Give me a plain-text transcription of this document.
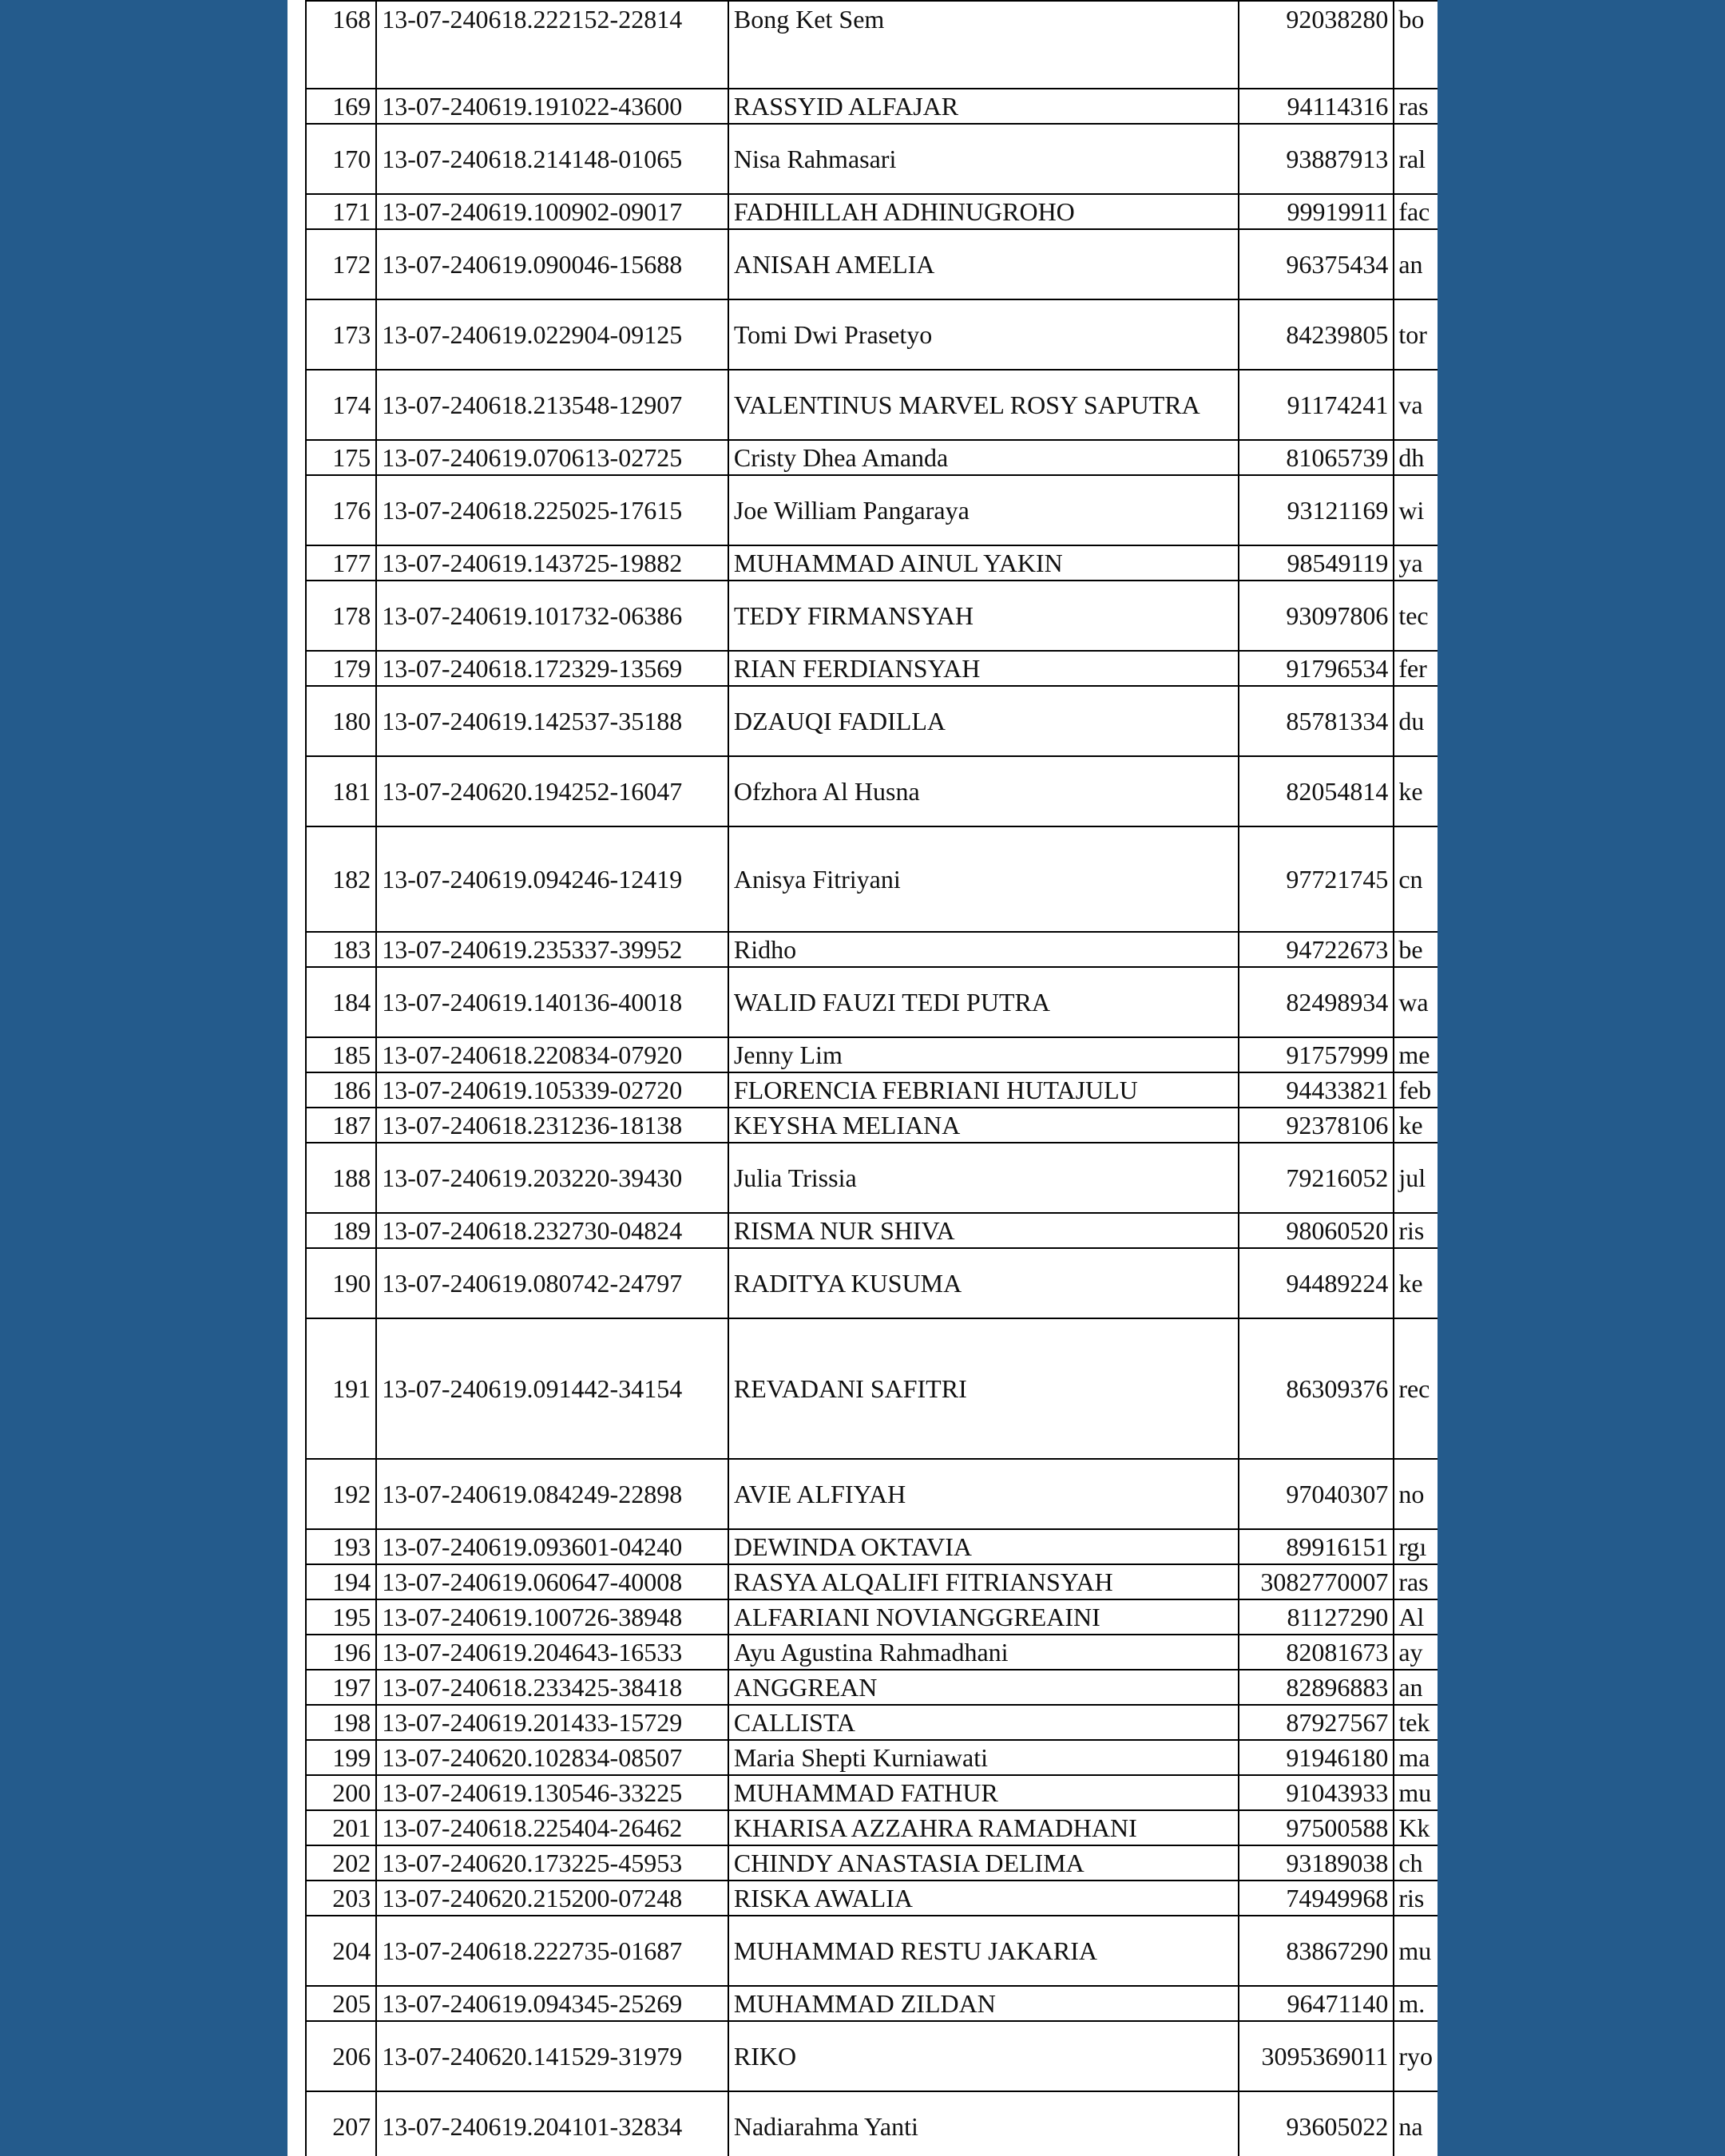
168	13-07-240618.222152-22814	Bong Ket Sem	92038280	bo
169	13-07-240619.191022-43600	RASSYID ALFAJAR	94114316	ras
170	13-07-240618.214148-01065	Nisa Rahmasari	93887913	ral
171	13-07-240619.100902-09017	FADHILLAH ADHINUGROHO	99919911	fac
172	13-07-240619.090046-15688	ANISAH AMELIA	96375434	an
173	13-07-240619.022904-09125	Tomi Dwi Prasetyo	84239805	tor
174	13-07-240618.213548-12907	VALENTINUS MARVEL ROSY SAPUTRA	91174241	va
175	13-07-240619.070613-02725	Cristy Dhea Amanda	81065739	dh
176	13-07-240618.225025-17615	Joe William Pangaraya	93121169	wi
177	13-07-240619.143725-19882	MUHAMMAD AINUL YAKIN	98549119	ya
178	13-07-240619.101732-06386	TEDY FIRMANSYAH	93097806	tec
179	13-07-240618.172329-13569	RIAN FERDIANSYAH	91796534	fer
180	13-07-240619.142537-35188	DZAUQI FADILLA	85781334	du
181	13-07-240620.194252-16047	Ofzhora Al Husna	82054814	ke
182	13-07-240619.094246-12419	Anisya Fitriyani	97721745	cn
183	13-07-240619.235337-39952	Ridho	94722673	be
184	13-07-240619.140136-40018	WALID FAUZI TEDI PUTRA	82498934	wa
185	13-07-240618.220834-07920	Jenny Lim	91757999	me
186	13-07-240619.105339-02720	FLORENCIA FEBRIANI HUTAJULU	94433821	feb
187	13-07-240618.231236-18138	KEYSHA MELIANA	92378106	ke
188	13-07-240619.203220-39430	Julia Trissia	79216052	jul
189	13-07-240618.232730-04824	RISMA NUR SHIVA	98060520	ris
190	13-07-240619.080742-24797	RADITYA KUSUMA	94489224	ke
191	13-07-240619.091442-34154	REVADANI SAFITRI	86309376	rec
192	13-07-240619.084249-22898	AVIE ALFIYAH	97040307	no
193	13-07-240619.093601-04240	DEWINDA OKTAVIA	89916151	rgı
194	13-07-240619.060647-40008	RASYA ALQALIFI FITRIANSYAH	3082770007	ras
195	13-07-240619.100726-38948	ALFARIANI NOVIANGGREAINI	81127290	Al
196	13-07-240619.204643-16533	Ayu Agustina Rahmadhani	82081673	ay
197	13-07-240618.233425-38418	ANGGREAN	82896883	an
198	13-07-240619.201433-15729	CALLISTA	87927567	tek
199	13-07-240620.102834-08507	Maria Shepti Kurniawati	91946180	ma
200	13-07-240619.130546-33225	MUHAMMAD FATHUR	91043933	mu
201	13-07-240618.225404-26462	KHARISA AZZAHRA RAMADHANI	97500588	Kk
202	13-07-240620.173225-45953	CHINDY ANASTASIA DELIMA	93189038	ch
203	13-07-240620.215200-07248	RISKA AWALIA	74949968	ris
204	13-07-240618.222735-01687	MUHAMMAD RESTU JAKARIA	83867290	mu
205	13-07-240619.094345-25269	MUHAMMAD ZILDAN	96471140	m.
206	13-07-240620.141529-31979	RIKO	3095369011	ryo
207	13-07-240619.204101-32834	Nadiarahma Yanti	93605022	na
